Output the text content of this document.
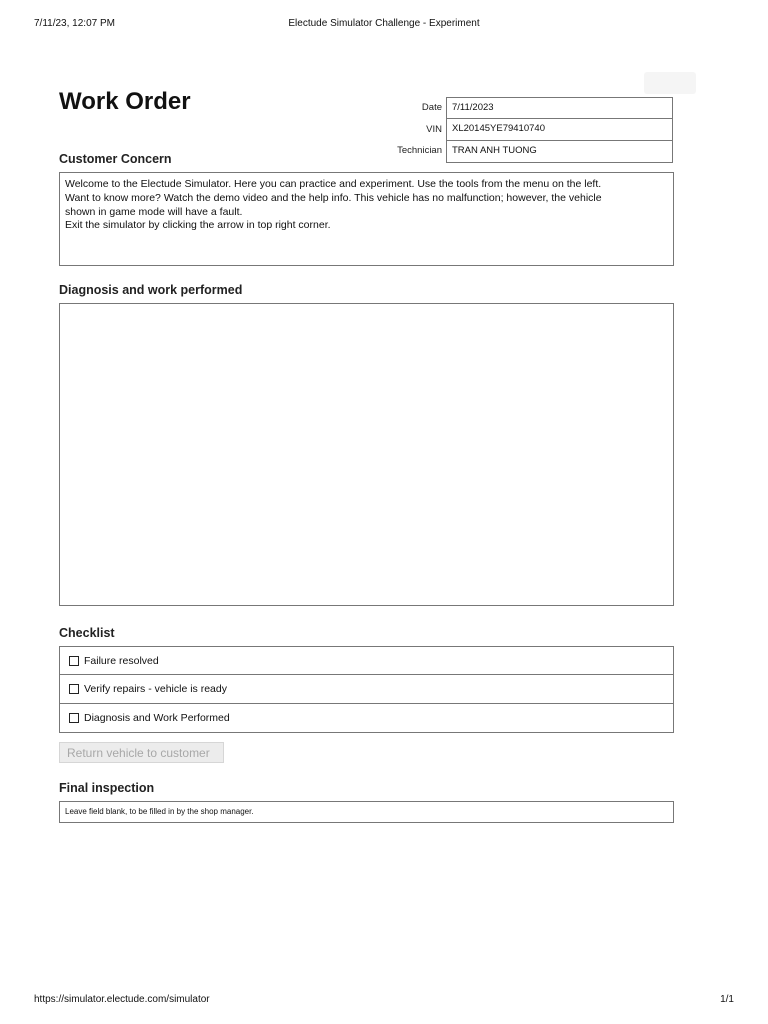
7/11/23, 12:07 PM	Electude Simulator Challenge - Experiment
Work Order	Date	7/11/2023
VIN	XL20145YE79410740
Technician	TRAN ANH TUONG
Customer Concern

Welcome to the Electude Simulator. Here you can practice and experiment. Use the tools from the menu on the left.

Want to know more? Watch the demo video and the help info. This vehicle has no malfunction; however, the vehicle

shown in game mode will have a fault.

Exit the simulator by clicking the arrow in top right corner.

Diagnosis and work performed
Checklist
Failure resolved
Verify repairs - vehicle is ready
Diagnosis and Work Performed
Return vehicle to customer
Final inspection
Leave field blank, to be filled in by the shop manager.
https://simulator.electude.com/simulator	1/1
